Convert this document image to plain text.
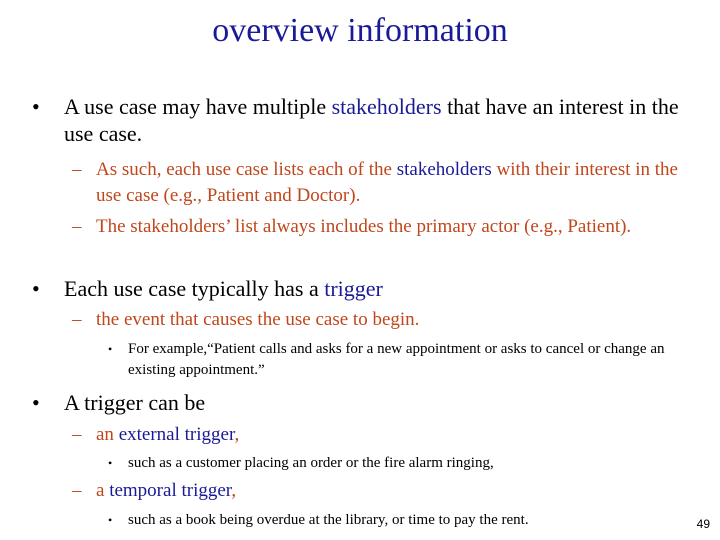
overview information
• A use case may have multiple stakeholders that have an interest in the use case.
– As such, each use case lists each of the stakeholders with their interest in the use case (e.g., Patient and Doctor).
– The stakeholders’ list always includes the primary actor (e.g., Patient).
• Each use case typically has a trigger
– the event that causes the use case to begin.
• For example,“Patient calls and asks for a new appointment or asks to cancel or change an existing appointment.”
• A trigger can be
– an external trigger,
• such as a customer placing an order or the fire alarm ringing,
– a temporal trigger,
• such as a book being overdue at the library, or time to pay the rent.	49
